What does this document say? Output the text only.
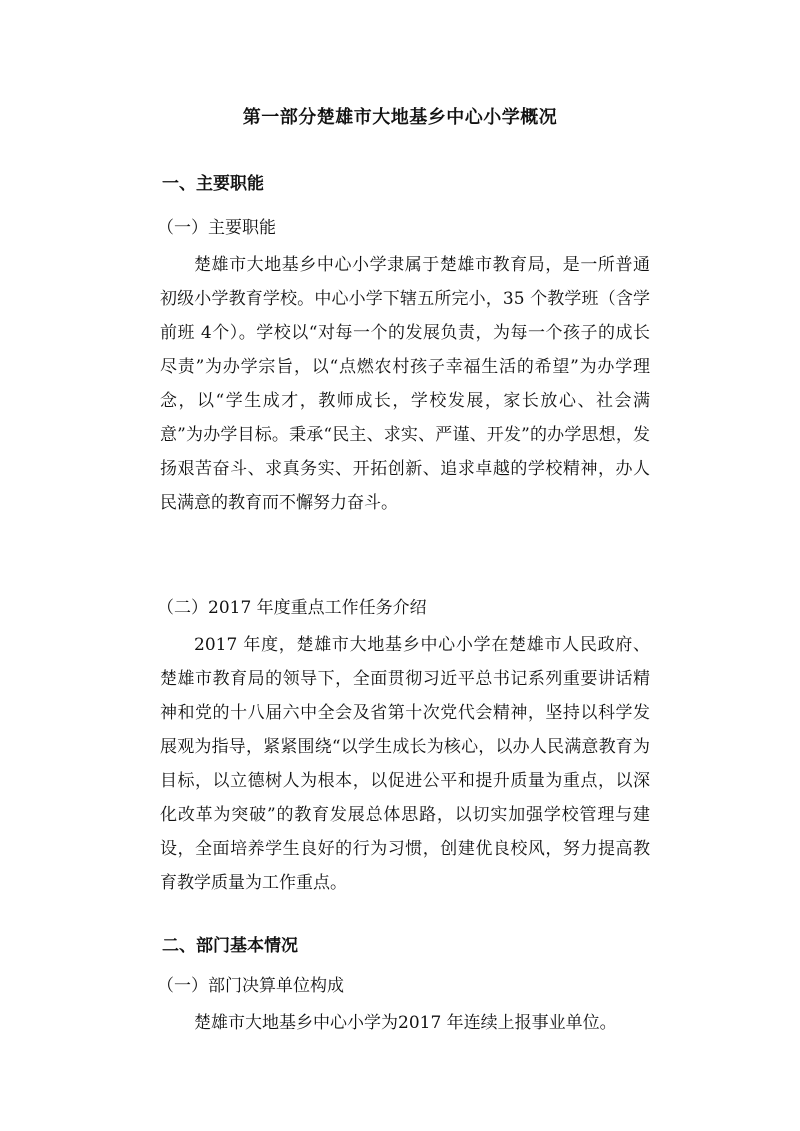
第一部分楚雄市大地基乡中心小学概况
一、主要职能
（一）主要职能
楚雄市大地基乡中心小学隶属于楚雄市教育局，是一所普通初级小学教育学校。中心小学下辖五所完小，35 个教学班（含学前班 4个）。学校以“对每一个的发展负责，为每一个孩子的成长尽责”为办学宗旨，以“点燃农村孩子幸福生活的希望”为办学理念，以“学生成才，教师成长，学校发展，家长放心、社会满意”为办学目标。秉承“民主、求实、严谨、开发”的办学思想，发扬艰苦奋斗、求真务实、开拓创新、追求卓越的学校精神，办人民满意的教育而不懈努力奋斗。
（二）2017 年度重点工作任务介绍
2017 年度，楚雄市大地基乡中心小学在楚雄市人民政府、楚雄市教育局的领导下，全面贯彻习近平总书记系列重要讲话精神和党的十八届六中全会及省第十次党代会精神，坚持以科学发展观为指导，紧紧围绕“以学生成长为核心，以办人民满意教育为目标，以立德树人为根本，以促进公平和提升质量为重点，以深化改革为突破”的教育发展总体思路，以切实加强学校管理与建设，全面培养学生良好的行为习惯，创建优良校风，努力提高教育教学质量为工作重点。
二、部门基本情况
（一）部门决算单位构成
楚雄市大地基乡中心小学为2017 年连续上报事业单位。
